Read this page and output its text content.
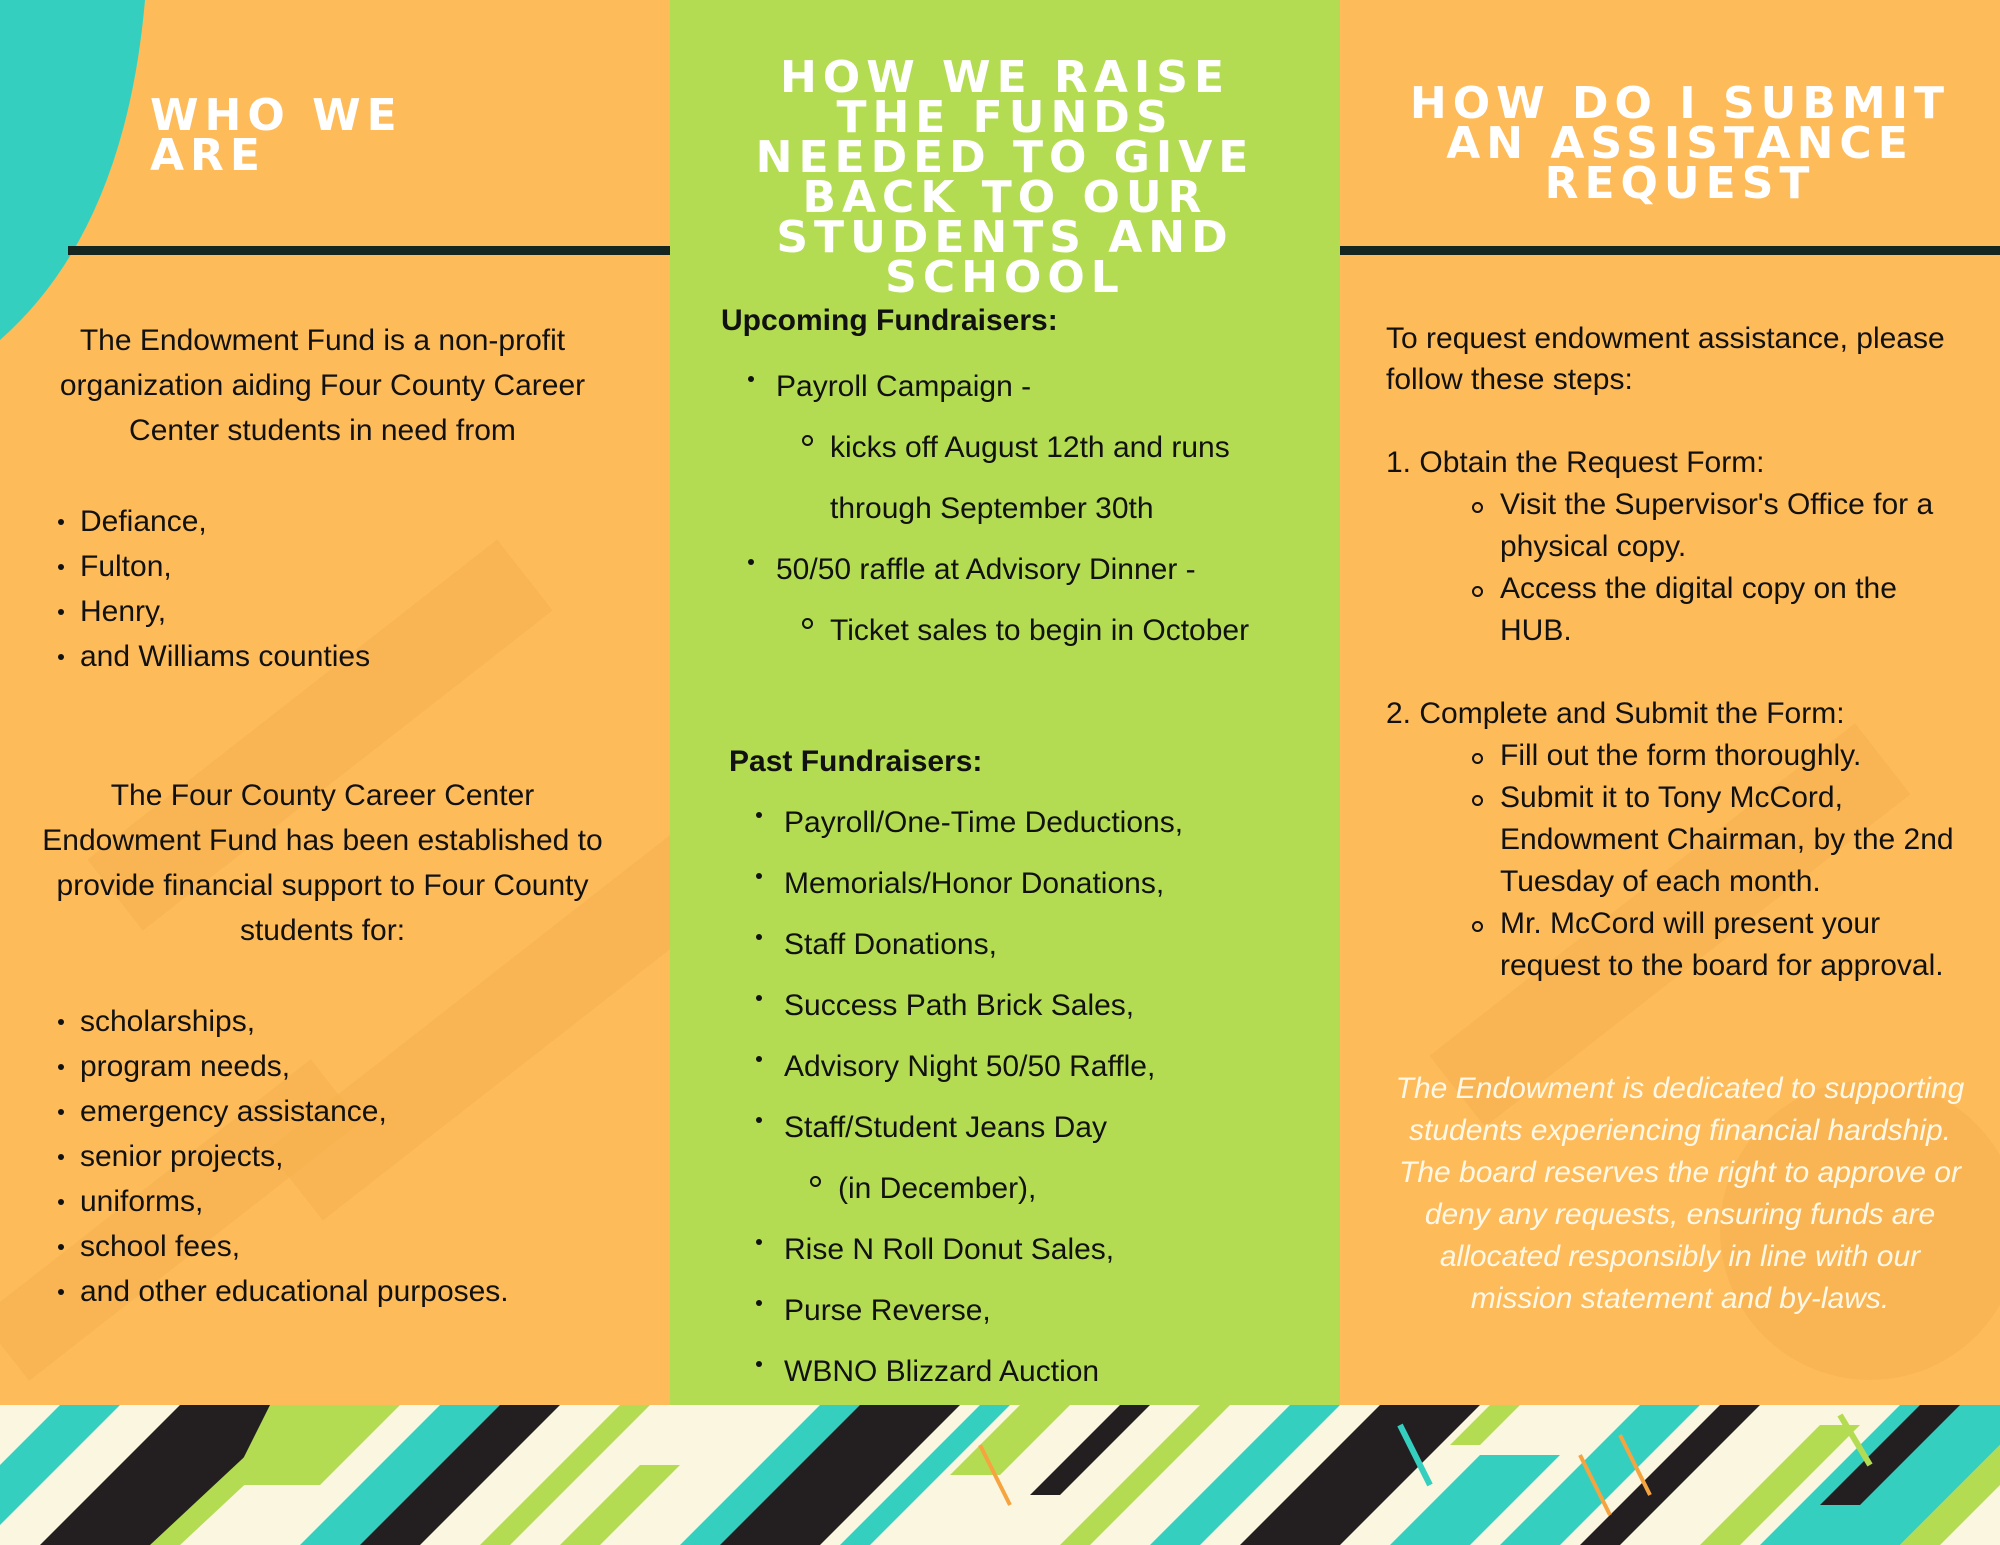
WHO WE ARE
The Endowment Fund is a non-profit organization aiding Four County Career Center students in need from
Defiance,
Fulton,
Henry,
and Williams counties
The Four County Career Center Endowment Fund has been established to provide financial support to Four County students for:
scholarships,
program needs,
emergency assistance,
senior projects,
uniforms,
school fees,
and other educational purposes.
HOW WE RAISE THE FUNDS NEEDED TO GIVE BACK TO OUR STUDENTS AND SCHOOL
Upcoming Fundraisers:
Payroll Campaign -
kicks off August 12th and runs through September 30th
50/50 raffle at Advisory Dinner -
Ticket sales to begin in October
Past Fundraisers:
Payroll/One-Time Deductions,
Memorials/Honor Donations,
Staff Donations,
Success Path Brick Sales,
Advisory Night 50/50 Raffle,
Staff/Student Jeans Day
(in December),
Rise N Roll Donut Sales,
Purse Reverse,
WBNO Blizzard Auction
HOW DO I SUBMIT AN ASSISTANCE REQUEST
To request endowment assistance, please follow these steps:
1. Obtain the Request Form:
Visit the Supervisor's Office for a physical copy.
Access the digital copy on the HUB.
2. Complete and Submit the Form:
Fill out the form thoroughly.
Submit it to Tony McCord, Endowment Chairman, by the 2nd Tuesday of each month.
Mr. McCord will present your request to the board for approval.
The Endowment is dedicated to supporting students experiencing financial hardship. The board reserves the right to approve or deny any requests, ensuring funds are allocated responsibly in line with our mission statement and by-laws.
